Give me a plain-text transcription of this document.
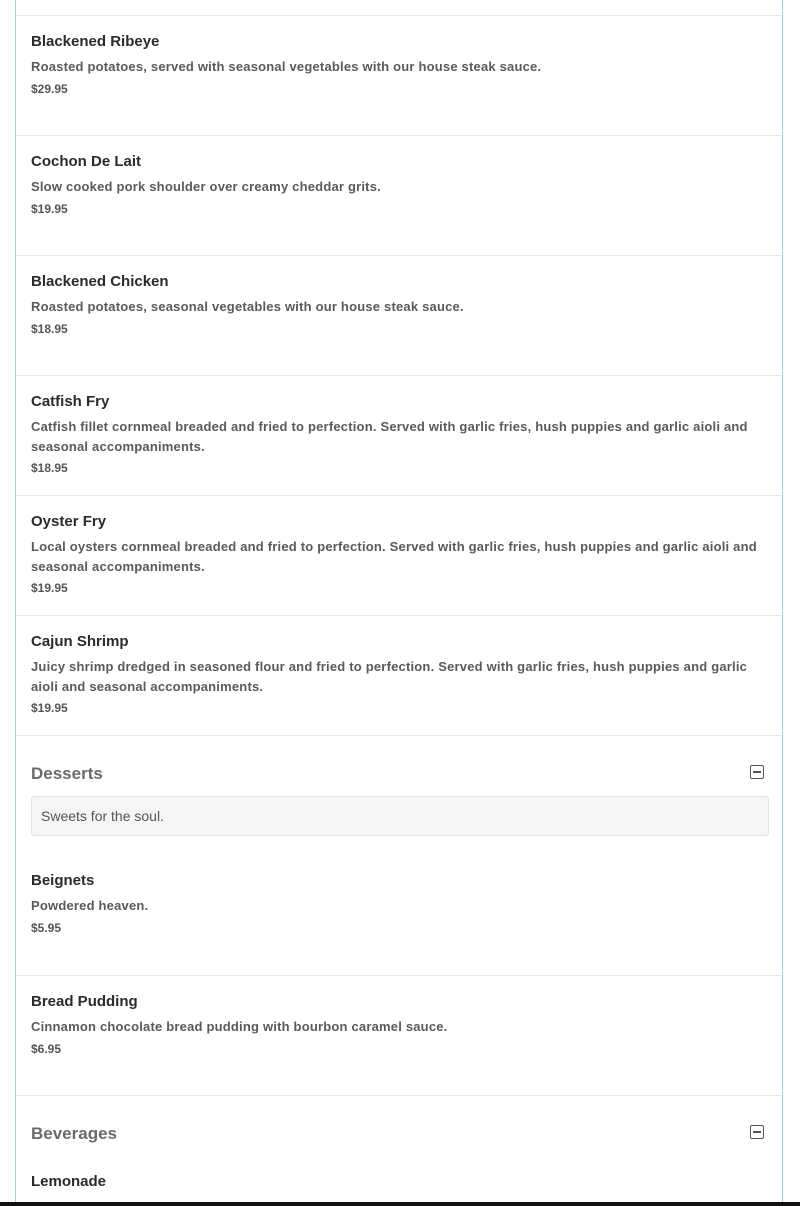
Blackened Ribeye

Roasted potatoes, served with seasonal vegetables with our house steak sauce.

$29.95

Cochon De Lait

Slow cooked pork shoulder over creamy cheddar grits.

$19.95

Blackened Chicken

Roasted potatoes, seasonal vegetables with our house steak sauce.

$18.95

Catfish Fry

Catfish fillet cornmeal breaded and fried to perfection. Served with garlic fries, hush puppies and garlic aioli and seasonal accompaniments.

$18.95

Oyster Fry

Local oysters cornmeal breaded and fried to perfection. Served with garlic fries, hush puppies and garlic aioli and seasonal accompaniments.

$19.95

Cajun Shrimp

Juicy shrimp dredged in seasoned flour and fried to perfection. Served with garlic fries, hush puppies and garlic aioli and seasonal accompaniments.

$19.95

Desserts
Sweets for the soul.

Beignets

Powdered heaven.

$5.95

Bread Pudding

Cinnamon chocolate bread pudding with bourbon caramel sauce.

$6.95

Beverages

Lemonade
